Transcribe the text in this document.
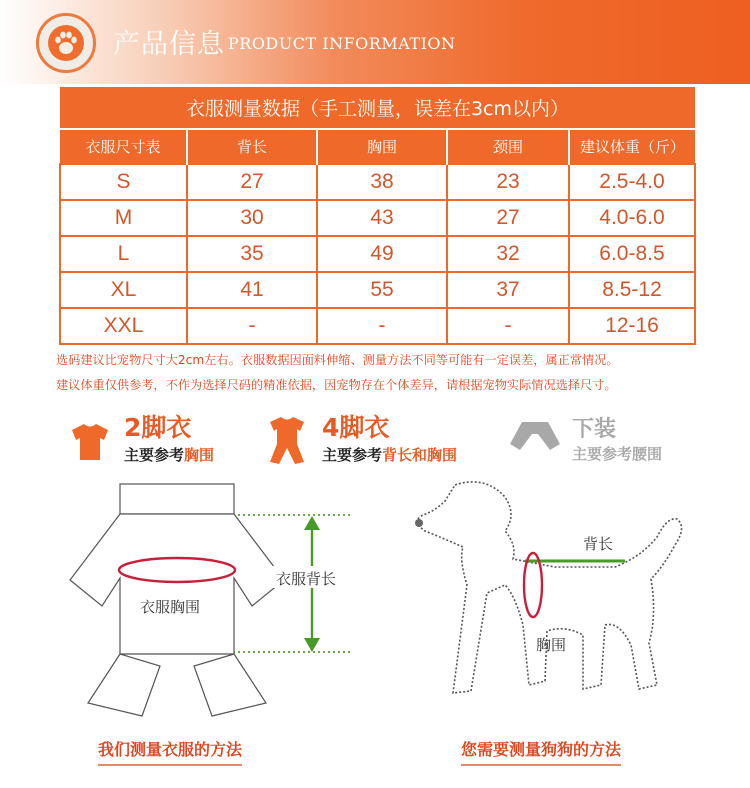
产品信息 PRODUCT INFORMATION
衣服测量数据（手工测量，误差在3cm以内）				
衣服尺寸表	背长	胸围	颈围	建议体重（斤）
S	27	38	23	2.5-4.0
M	30	43	27	4.0-6.0
L	35	49	32	6.0-8.5
XL	41	55	37	8.5-12
XXL	-	-	-	12-16
选码建议比宠物尺寸大2cm左右。衣服数据因面料伸缩、测量方法不同等可能有一定误差，属正常情况。
建议体重仅供参考，不作为选择尺码的精准依据，因宠物存在个体差异，请根据宠物实际情况选择尺寸。
2脚衣
主要参考胸围
4脚衣
主要参考背长和胸围
下装
主要参考腰围
衣服胸围
衣服背长
背长
胸围
我们测量衣服的方法	您需要测量狗狗的方法
